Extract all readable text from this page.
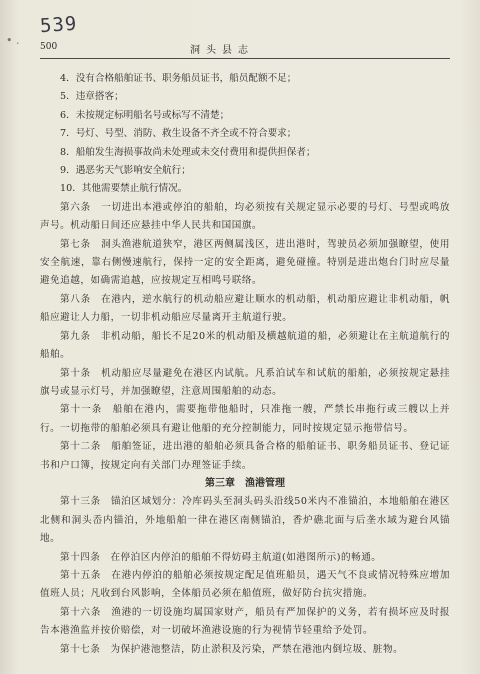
• .
539
500	洞头县志

4．没有合格船舶证书、职务船员证书，船员配额不足；

5．违章搭客；

6．未按规定标明船名号或标写不清楚；

7．号灯、号型、消防、救生设备不齐全或不符合要求；

8．船舶发生海损事故尚未处理或未交付费用和提供担保者；

9．遇恶劣天气影响安全航行；

10．其他需要禁止航行情况。

第六条　一切进出本港或停泊的船舶，均必须按有关规定显示必要的号灯、号型或鸣放声号。机动船日间还应悬挂中华人民共和国国旗。

第七条　洞头渔港航道狭窄，港区两侧属浅区，进出港时，驾驶员必须加强瞭望，使用安全航速，靠右侧慢速航行，保持一定的安全距离，避免碰撞。特别是进出炮台门时应尽量避免追越，如确需追越，应按规定互相鸣号联络。

第八条　在港内，逆水航行的机动船应避让顺水的机动船，机动船应避让非机动船，帆船应避让人力船，一切非机动船应尽量离开主航道行驶。

第九条　非机动船，船长不足20米的机动船及横越航道的船，必须避让在主航道航行的船舶。

第十条　机动船应尽量避免在港区内试航。凡系泊试车和试航的船舶，必须按规定悬挂旗号或显示灯号，并加强瞭望，注意周围船舶的动态。

第十一条　船舶在港内，需要拖带他船时，只准拖一艘，严禁长串拖行或三艘以上并行。一切拖带的船舶必须具有避让他船的充分控制能力，同时按规定显示拖带信号。

第十二条　船舶签证，进出港的船舶必须具备合格的船舶证书、职务船员证书、登记证书和户口簿，按规定向有关部门办理签证手续。

第三章　渔港管理

第十三条　锚泊区域划分：冷库码头至洞头码头沿线50米内不准锚泊，本地船舶在港区北侧和洞头岙内锚泊，外地船舶一律在港区南侧锚泊，香炉礁北面与后垄水域为避台风锚地。

第十四条　在停泊区内停泊的船舶不得妨碍主航道(如港图所示)的畅通。

第十五条　在港内停泊的船舶必须按规定配足值班船员，遇天气不良或情况特殊应增加值班人员；凡收到台风影响，全体船员必须在船值班，做好防台抗灾措施。

第十六条　渔港的一切设施均属国家财产，船员有严加保护的义务，若有损坏应及时报告本港渔监并按价赔偿，对一切破坏渔港设施的行为视情节轻重给予处罚。

第十七条　为保护港池整洁，防止淤积及污染，严禁在港池内倒垃圾、脏物。
